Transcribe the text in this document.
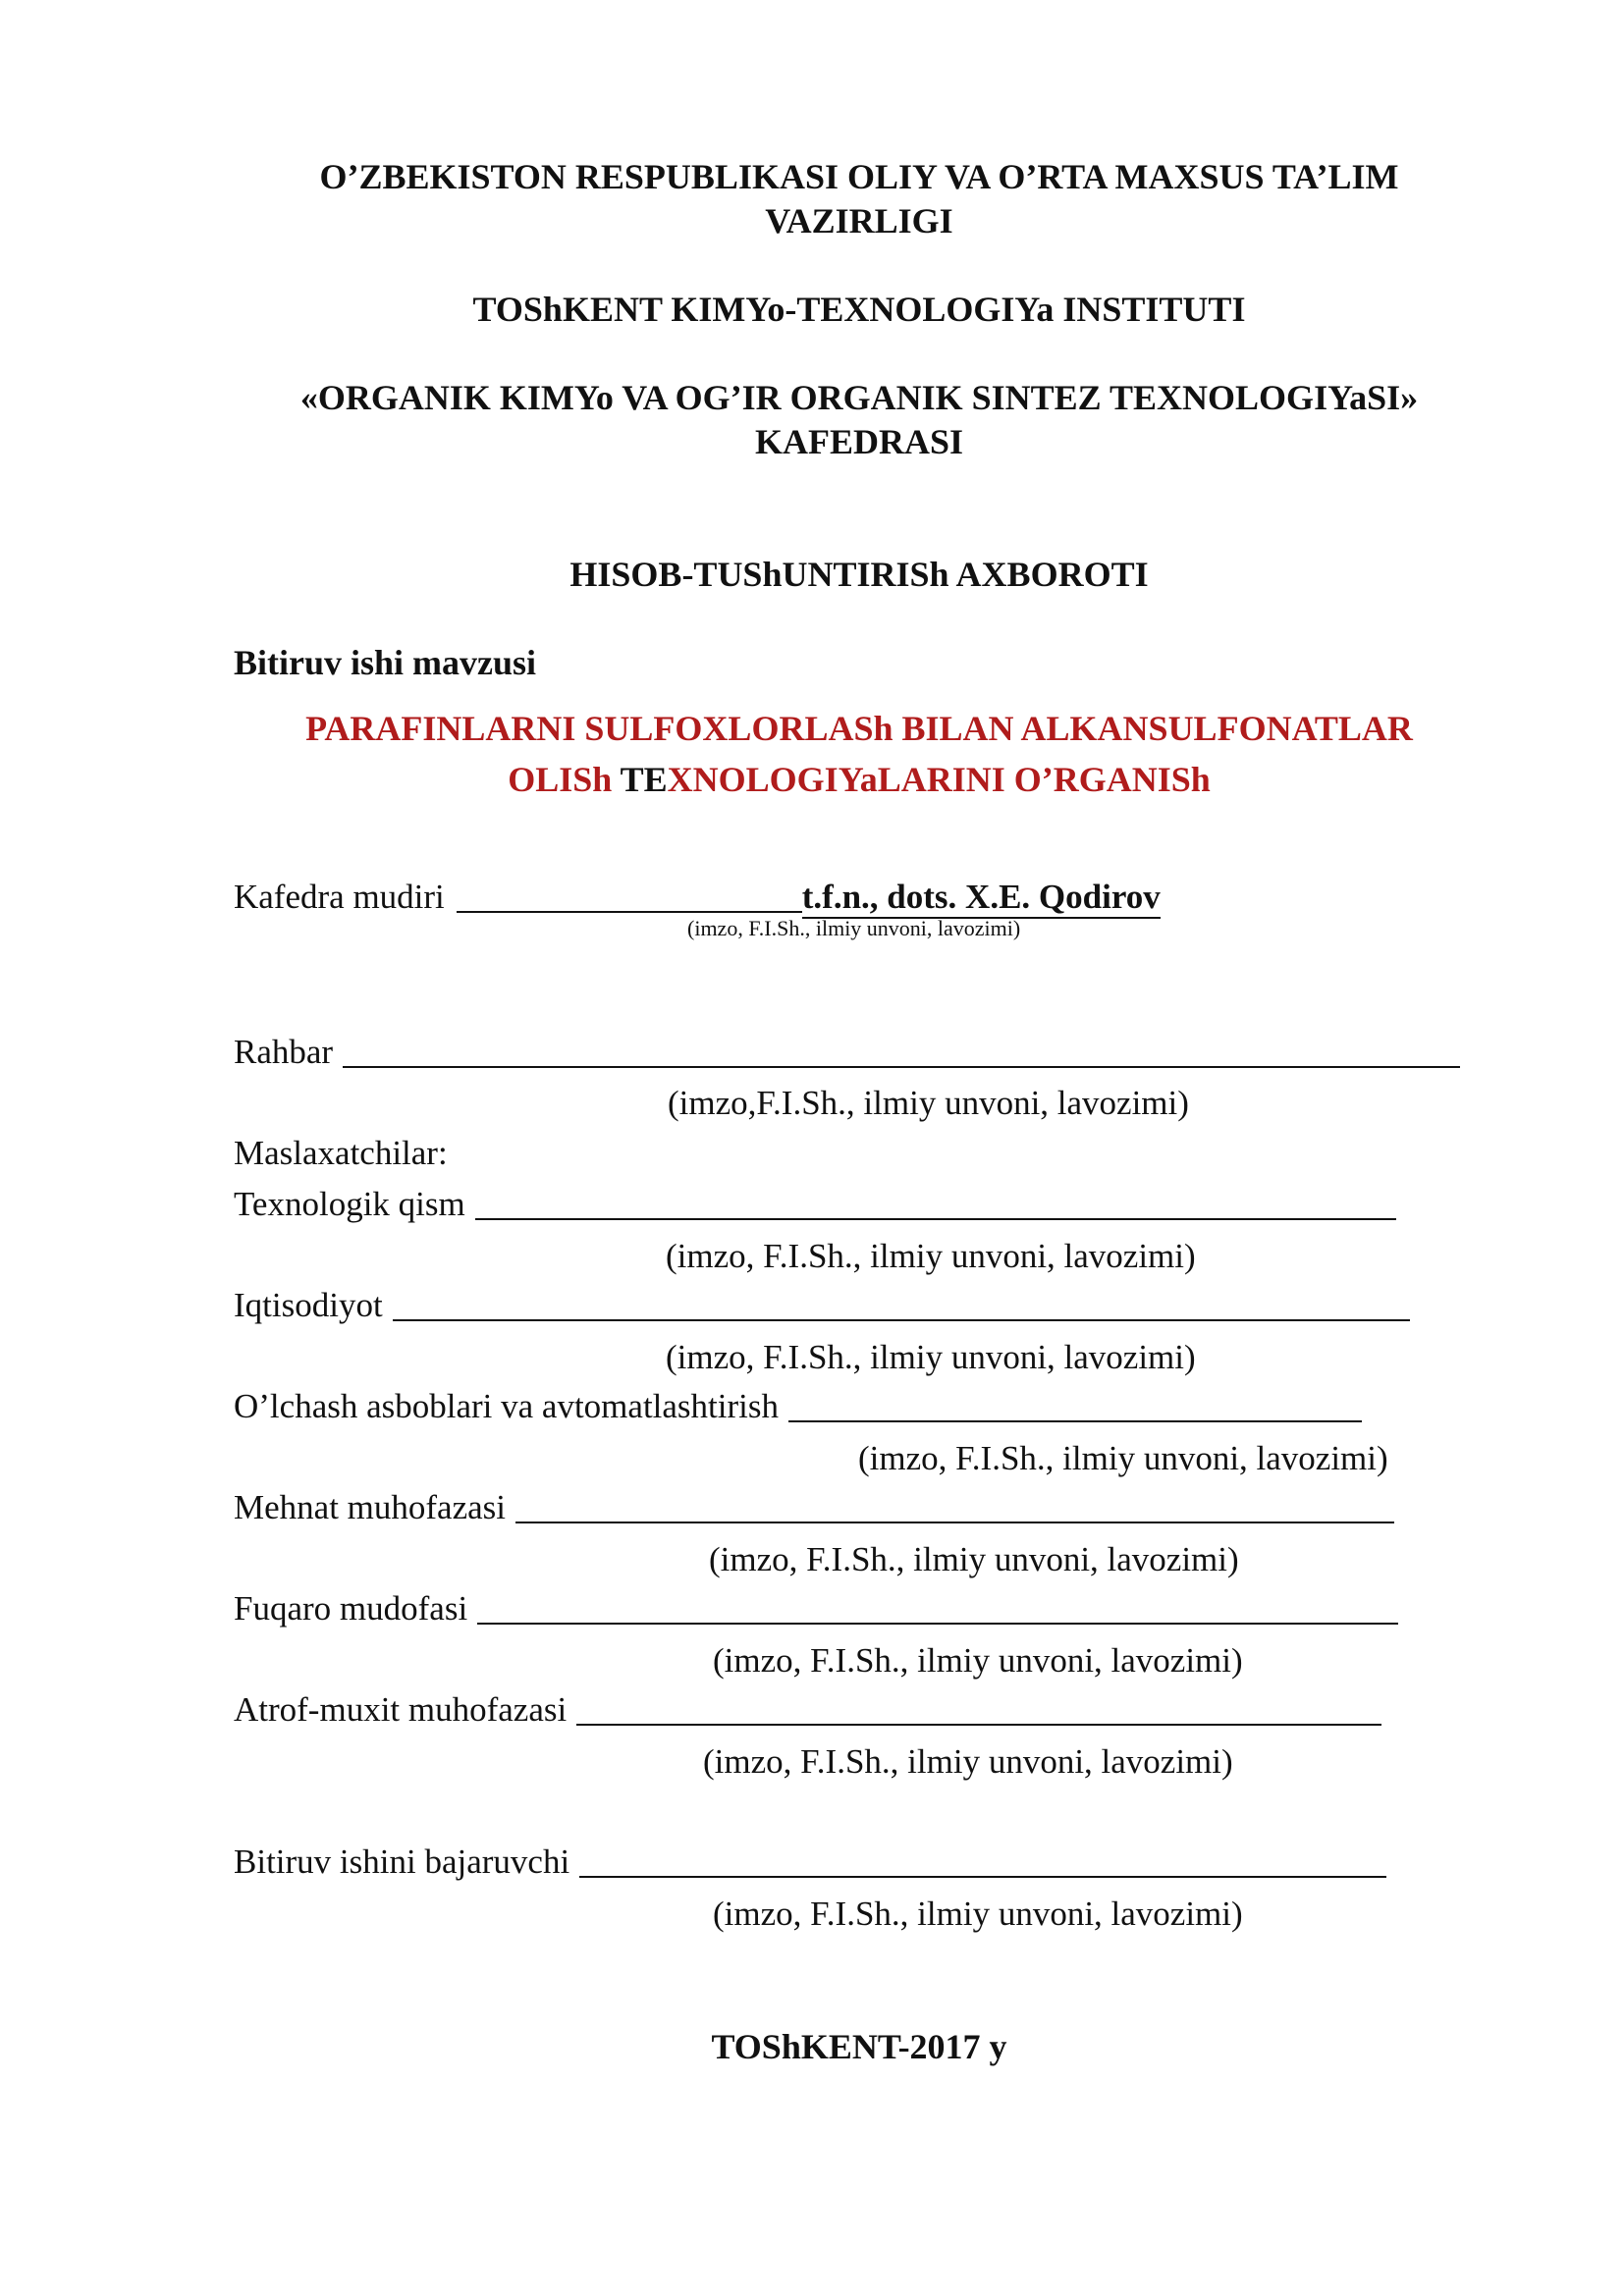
O’ZBEKISTON RESPUBLIKASI OLIY VA O’RTA MAXSUS TA’LIM
VAZIRLIGI
TOShKENT KIMYo-TEXNOLOGIYa INSTITUTI
«ORGANIK KIMYo VA OG’IR ORGANIK SINTEZ TEXNOLOGIYaSI»
KAFEDRASI
HISOB-TUShUNTIRISh AXBOROTI
Bitiruv ishi mavzusi
PARAFINLARNI SULFOXLORLASh BILAN ALKANSULFONATLAR
OLISh TEXNOLOGIYaLARINI O’RGANISh
Kafedra mudiri	t.f.n., dots. X.E. Qodirov
(imzo, F.I.Sh., ilmiy unvoni, lavozimi)
Rahbar
(imzo,F.I.Sh., ilmiy unvoni, lavozimi)
Maslaxatchilar:
Texnologik qism
(imzo, F.I.Sh., ilmiy unvoni, lavozimi)
Iqtisodiyot
(imzo, F.I.Sh., ilmiy unvoni, lavozimi)
O’lchash asboblari va avtomatlashtirish
(imzo, F.I.Sh., ilmiy unvoni, lavozimi)
Mehnat muhofazasi
(imzo, F.I.Sh., ilmiy unvoni, lavozimi)
Fuqaro mudofasi
(imzo, F.I.Sh., ilmiy unvoni, lavozimi)
Atrof-muxit muhofazasi
(imzo, F.I.Sh., ilmiy unvoni, lavozimi)
Bitiruv ishini bajaruvchi
(imzo, F.I.Sh., ilmiy unvoni, lavozimi)
TOShKENT-2017 y
